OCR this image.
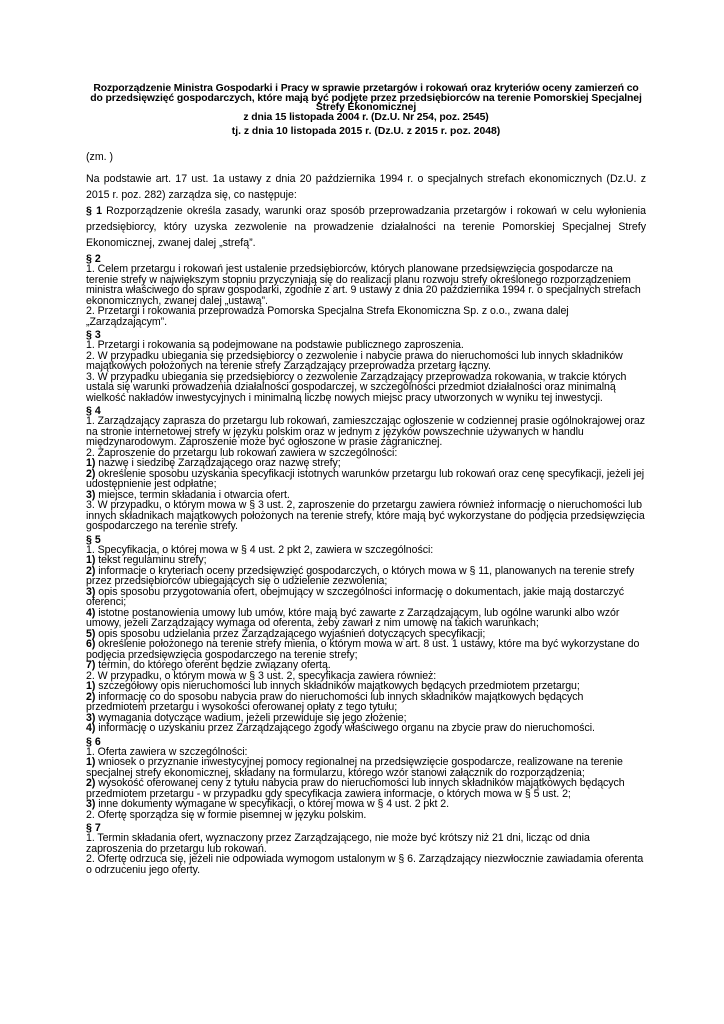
Rozporządzenie Ministra Gospodarki i Pracy w sprawie przetargów i rokowań oraz kryteriów oceny zamierzeń co
do przedsięwzięć gospodarczych, które mają być podjęte przez przedsiębiorców na terenie Pomorskiej Specjalnej
Strefy Ekonomicznej
z dnia 15 listopada 2004 r. (Dz.U. Nr 254, poz. 2545)
tj. z dnia 10 listopada 2015 r. (Dz.U. z 2015 r. poz. 2048)
(zm. )
Na podstawie art. 17 ust. 1a ustawy z dnia 20 października 1994 r. o specjalnych strefach ekonomicznych (Dz.U. z 2015 r. poz. 282) zarządza się, co następuje:
§ 1 Rozporządzenie określa zasady, warunki oraz sposób przeprowadzania przetargów i rokowań w celu wyłonienia przedsiębiorcy, który uzyska zezwolenie na prowadzenie działalności na terenie Pomorskiej Specjalnej Strefy Ekonomicznej, zwanej dalej „strefą”.
§ 2

1. Celem przetargu i rokowań jest ustalenie przedsiębiorców, których planowane przedsięwzięcia gospodarcze na terenie strefy w największym stopniu przyczyniają się do realizacji planu rozwoju strefy określonego rozporządzeniem ministra właściwego do spraw gospodarki, zgodnie z art. 9 ustawy z dnia 20 października 1994 r. o specjalnych strefach ekonomicznych, zwanej dalej „ustawą”.

2. Przetargi i rokowania przeprowadza Pomorska Specjalna Strefa Ekonomiczna Sp. z o.o., zwana dalej „Zarządzającym”.

§ 3

1. Przetargi i rokowania są podejmowane na podstawie publicznego zaproszenia.

2. W przypadku ubiegania się przedsiębiorcy o zezwolenie i nabycie prawa do nieruchomości lub innych składników majątkowych położonych na terenie strefy Zarządzający przeprowadza przetarg łączny.

3. W przypadku ubiegania się przedsiębiorcy o zezwolenie Zarządzający przeprowadza rokowania, w trakcie których ustala się warunki prowadzenia działalności gospodarczej, w szczególności przedmiot działalności oraz minimalną wielkość nakładów inwestycyjnych i minimalną liczbę nowych miejsc pracy utworzonych w wyniku tej inwestycji.

§ 4

1. Zarządzający zaprasza do przetargu lub rokowań, zamieszczając ogłoszenie w codziennej prasie ogólnokrajowej oraz na stronie internetowej strefy w języku polskim oraz w jednym z języków powszechnie używanych w handlu międzynarodowym. Zaproszenie może być ogłoszone w prasie zagranicznej.

2. Zaproszenie do przetargu lub rokowań zawiera w szczególności:

1) nazwę i siedzibę Zarządzającego oraz nazwę strefy;

2) określenie sposobu uzyskania specyfikacji istotnych warunków przetargu lub rokowań oraz cenę specyfikacji, jeżeli jej udostępnienie jest odpłatne;

3) miejsce, termin składania i otwarcia ofert.

3. W przypadku, o którym mowa w § 3 ust. 2, zaproszenie do przetargu zawiera również informację o nieruchomości lub innych składnikach majątkowych położonych na terenie strefy, które mają być wykorzystane do podjęcia przedsięwzięcia gospodarczego na terenie strefy.

§ 5

1. Specyfikacja, o której mowa w § 4 ust. 2 pkt 2, zawiera w szczególności:

1) tekst regulaminu strefy;

2) informacje o kryteriach oceny przedsięwzięć gospodarczych, o których mowa w § 11, planowanych na terenie strefy przez przedsiębiorców ubiegających się o udzielenie zezwolenia;

3) opis sposobu przygotowania ofert, obejmujący w szczególności informację o dokumentach, jakie mają dostarczyć oferenci;

4) istotne postanowienia umowy lub umów, które mają być zawarte z Zarządzającym, lub ogólne warunki albo wzór umowy, jeżeli Zarządzający wymaga od oferenta, żeby zawarł z nim umowę na takich warunkach;

5) opis sposobu udzielania przez Zarządzającego wyjaśnień dotyczących specyfikacji;

6) określenie położonego na terenie strefy mienia, o którym mowa w art. 8 ust. 1 ustawy, które ma być wykorzystane do podjęcia przedsięwzięcia gospodarczego na terenie strefy;

7) termin, do którego oferent będzie związany ofertą.

2. W przypadku, o którym mowa w § 3 ust. 2, specyfikacja zawiera również:

1) szczegółowy opis nieruchomości lub innych składników majątkowych będących przedmiotem przetargu;

2) informację co do sposobu nabycia praw do nieruchomości lub innych składników majątkowych będących przedmiotem przetargu i wysokości oferowanej opłaty z tego tytułu;

3) wymagania dotyczące wadium, jeżeli przewiduje się jego złożenie;

4) informację o uzyskaniu przez Zarządzającego zgody właściwego organu na zbycie praw do nieruchomości.

§ 6

1. Oferta zawiera w szczególności:

1) wniosek o przyznanie inwestycyjnej pomocy regionalnej na przedsięwzięcie gospodarcze, realizowane na terenie specjalnej strefy ekonomicznej, składany na formularzu, którego wzór stanowi załącznik do rozporządzenia;

2) wysokość oferowanej ceny z tytułu nabycia praw do nieruchomości lub innych składników majątkowych będących przedmiotem przetargu - w przypadku gdy specyfikacja zawiera informacje, o których mowa w § 5 ust. 2;

3) inne dokumenty wymagane w specyfikacji, o której mowa w § 4 ust. 2 pkt 2.

2. Ofertę sporządza się w formie pisemnej w języku polskim.

§ 7

1. Termin składania ofert, wyznaczony przez Zarządzającego, nie może być krótszy niż 21 dni, licząc od dnia zaproszenia do przetargu lub rokowań.

2. Ofertę odrzuca się, jeżeli nie odpowiada wymogom ustalonym w § 6. Zarządzający niezwłocznie zawiadamia oferenta o odrzuceniu jego oferty.
